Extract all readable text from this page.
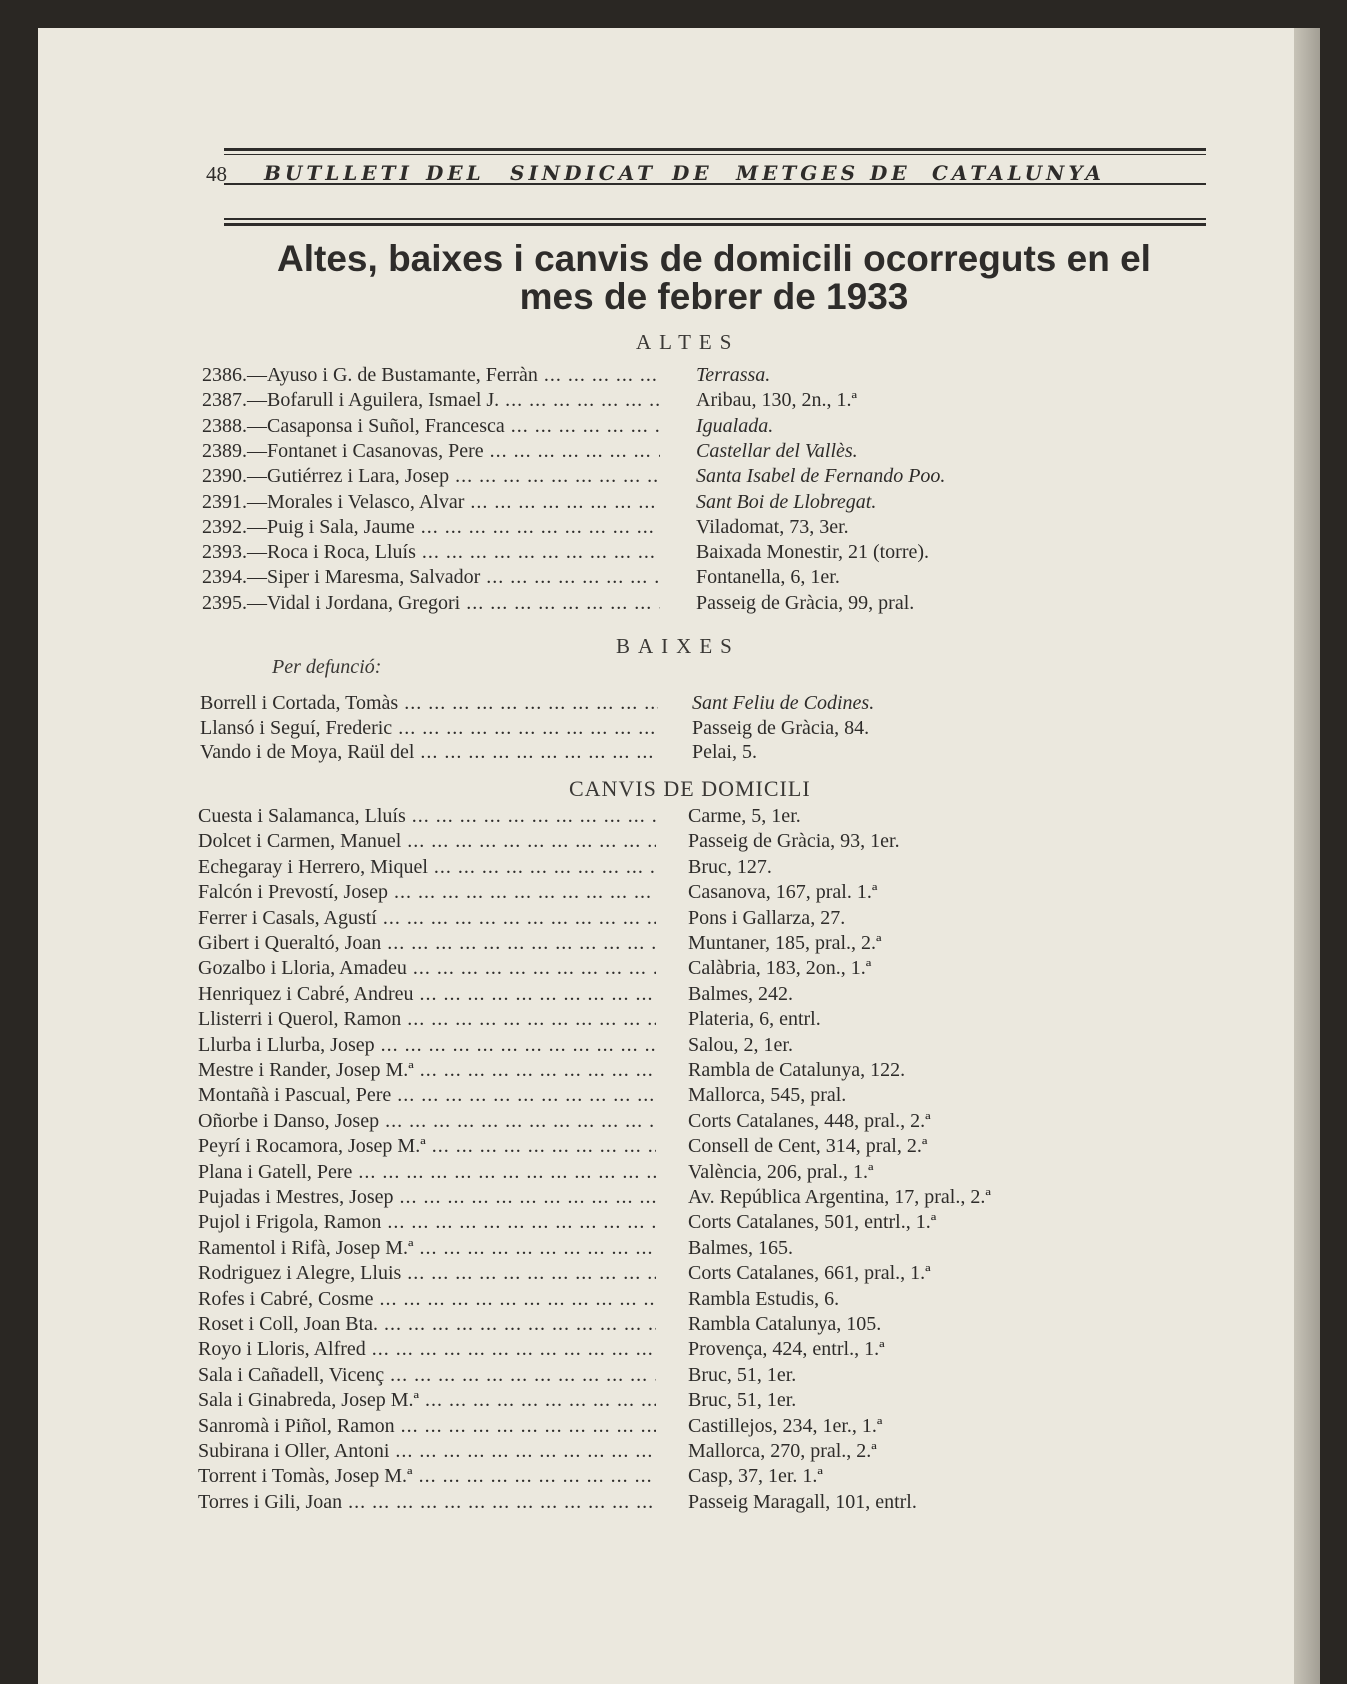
48 BUTLLETI DEL SINDICAT DE METGES DE CATALUNYA
Altes, baixes i canvis de domicili ocorreguts en el
mes de febrer de 1933
ALTES
BAIXES
Per defunció:
CANVIS DE DOMICILI
2386.—Ayuso i G. de Bustamante, Ferràn ... .	Terrassa.
2387.—Bofarull i Aguilera, Ismael J. ... .	Aribau, 130, 2n., 1.ª
2388.—Casaponsa i Suñol, Francesca ... .	Igualada.
2389.—Fontanet i Casanovas, Pere ... .	Castellar del Vallès.
2390.—Gutiérrez i Lara, Josep ... .	Santa Isabel de Fernando Poo.
2391.—Morales i Velasco, Alvar ... .	Sant Boi de Llobregat.
2392.—Puig i Sala, Jaume ... .	Viladomat, 73, 3er.
2393.—Roca i Roca, Lluís ... .	Baixada Monestir, 21 (torre).
2394.—Siper i Maresma, Salvador ... .	Fontanella, 6, 1er.
2395.—Vidal i Jordana, Gregori ... .	Passeig de Gràcia, 99, pral.
Borrell i Cortada, Tomàs ... .	Sant Feliu de Codines.
Llansó i Seguí, Frederic ... .	Passeig de Gràcia, 84.
Vando i de Moya, Raül del ... .	Pelai, 5.
Cuesta i Salamanca, Lluís ... .	Carme, 5, 1er.
Dolcet i Carmen, Manuel ... .	Passeig de Gràcia, 93, 1er.
Echegaray i Herrero, Miquel ... .	Bruc, 127.
Falcón i Prevostí, Josep ... .	Casanova, 167, pral. 1.ª
Ferrer i Casals, Agustí ... .	Pons i Gallarza, 27.
Gibert i Queraltó, Joan ... .	Muntaner, 185, pral., 2.ª
Gozalbo i Lloria, Amadeu ... .	Calàbria, 183, 2on., 1.ª
Henriquez i Cabré, Andreu ... .	Balmes, 242.
Llisterri i Querol, Ramon ... .	Plateria, 6, entrl.
Llurba i Llurba, Josep ... .	Salou, 2, 1er.
Mestre i Rander, Josep M.ª ... .	Rambla de Catalunya, 122.
Montañà i Pascual, Pere ... .	Mallorca, 545, pral.
Oñorbe i Danso, Josep ... .	Corts Catalanes, 448, pral., 2.ª
Peyrí i Rocamora, Josep M.ª ... .	Consell de Cent, 314, pral, 2.ª
Plana i Gatell, Pere ... .	València, 206, pral., 1.ª
Pujadas i Mestres, Josep ... .	Av. República Argentina, 17, pral., 2.ª
Pujol i Frigola, Ramon ... .	Corts Catalanes, 501, entrl., 1.ª
Ramentol i Rifà, Josep M.ª ... .	Balmes, 165.
Rodriguez i Alegre, Lluis ... .	Corts Catalanes, 661, pral., 1.ª
Rofes i Cabré, Cosme ... .	Rambla Estudis, 6.
Roset i Coll, Joan Bta. ... .	Rambla Catalunya, 105.
Royo i Lloris, Alfred ... .	Provença, 424, entrl., 1.ª
Sala i Cañadell, Vicenç ... .	Bruc, 51, 1er.
Sala i Ginabreda, Josep M.ª ... .	Bruc, 51, 1er.
Sanromà i Piñol, Ramon ... .	Castillejos, 234, 1er., 1.ª
Subirana i Oller, Antoni ... .	Mallorca, 270, pral., 2.ª
Torrent i Tomàs, Josep M.ª ... .	Casp, 37, 1er. 1.ª
Torres i Gili, Joan ... .	Passeig Maragall, 101, entrl.
